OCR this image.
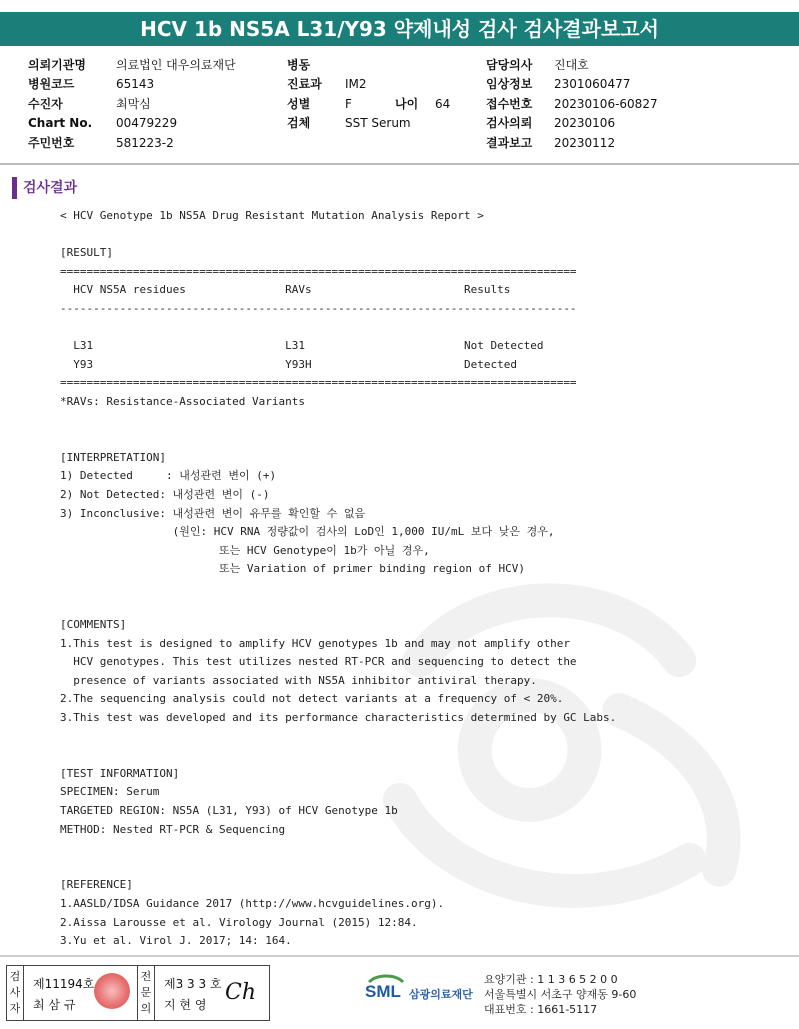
HCV 1b NS5A L31/Y93 약제내성 검사 검사결과보고서
의뢰기관명	의료법인 대우의료재단
병원코드	65143
수진자	최막심
Chart No.	00479229
주민번호	581223-2
병동
진료과	IM2
성별	F	나이	64
검체	SST Serum
담당의사	진대호
임상정보	2301060477
접수번호	20230106-60827
검사의뢰	20230106
결과보고	20230112
검사결과
< HCV Genotype 1b NS5A Drug Resistant Mutation Analysis Report >
[RESULT]
==============================================================================
HCV NS5A residues               RAVs                       Results
------------------------------------------------------------------------------
L31                             L31                        Not Detected
Y93                             Y93H                       Detected
==============================================================================
*RAVs: Resistance-Associated Variants
[INTERPRETATION]
1) Detected     : 내성관련 변이 (+)
2) Not Detected: 내성관련 변이 (-)
3) Inconclusive: 내성관련 변이 유무를 확인할 수 없음
(원인: HCV RNA 정량값이 검사의 LoD인 1,000 IU/mL 보다 낮은 경우,
또는 HCV Genotype이 1b가 아닐 경우,
또는 Variation of primer binding region of HCV)
[COMMENTS]
1.This test is designed to amplify HCV genotypes 1b and may not amplify other
HCV genotypes. This test utilizes nested RT-PCR and sequencing to detect the
presence of variants associated with NS5A inhibitor antiviral therapy.
2.The sequencing analysis could not detect variants at a frequency of < 20%.
3.This test was developed and its performance characteristics determined by GC Labs.
[TEST INFORMATION]
SPECIMEN: Serum
TARGETED REGION: NS5A (L31, Y93) of HCV Genotype 1b
METHOD: Nested RT-PCR & Sequencing
[REFERENCE]
1.AASLD/IDSA Guidance 2017 (http://www.hcvguidelines.org).
2.Aissa Larousse et al. Virology Journal (2015) 12:84.
3.Yu et al. Virol J. 2017; 14: 164.
검사자
제11194호
최 삼 규
전문의
제3 3 3 호
지 현 영 Ch	SML 삼광의료재단
요양기관 : 1 1 3 6 5 2 0 0
서울특별시 서초구 양재동 9-60
대표번호 : 1661-5117
